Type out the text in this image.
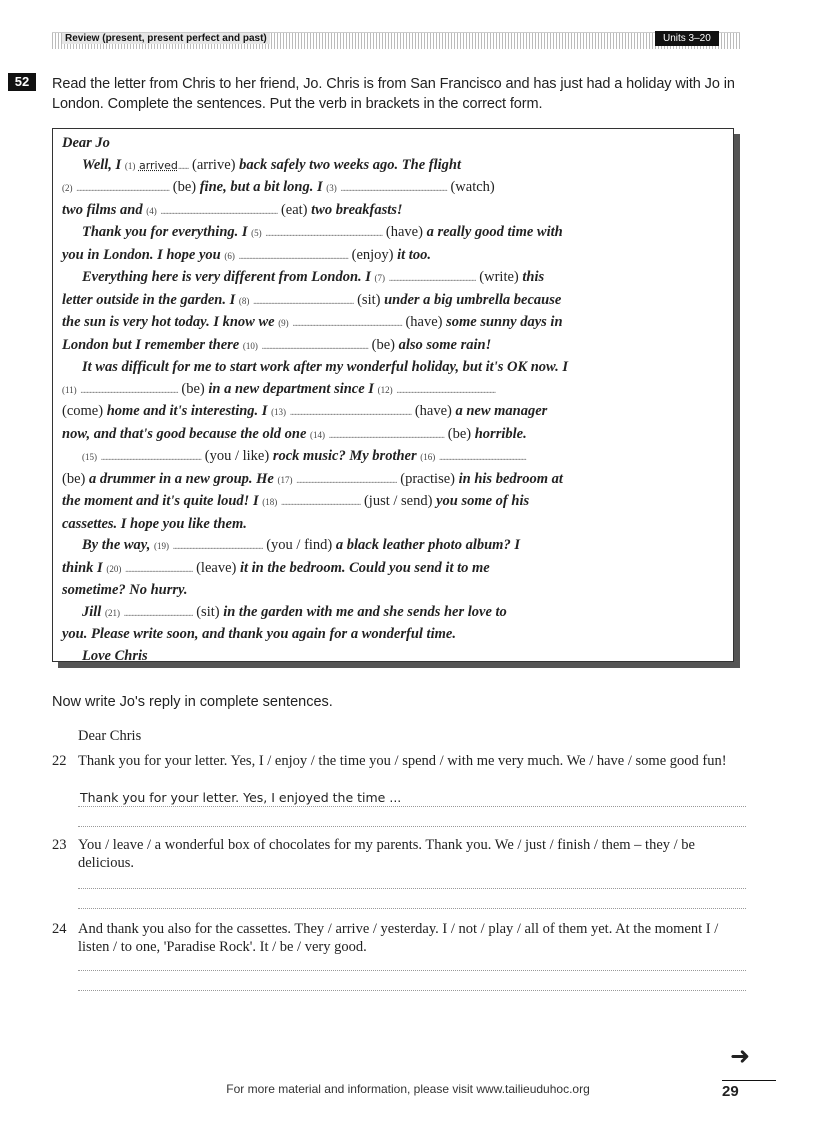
Review (present, present perfect and past)	Units 3–20
52	Read the letter from Chris to her friend, Jo. Chris is from San Francisco and has just had a holiday with Jo in London. Complete the sentences. Put the verb in brackets in the correct form.
Dear Jo
Well, I (1) arrived....... (arrive) back safely two weeks ago. The flight
(2) .............................................................. (be) fine, but a bit long. I (3) ....................................................................... (watch)
two films and (4) .............................................................................. (eat) two breakfasts!
Thank you for everything. I (5) .............................................................................. (have) a really good time with
you in London. I hope you (6) ......................................................................... (enjoy) it too.
Everything here is very different from London. I (7) .......................................................... (write) this
letter outside in the garden. I (8) ................................................................... (sit) under a big umbrella because
the sun is very hot today. I know we (9) ......................................................................... (have) some sunny days in
London but I remember there (10) ....................................................................... (be) also some rain!
It was difficult for me to start work after my wonderful holiday, but it's OK now. I
(11) ................................................................. (be) in a new department since I (12) ..................................................................
(come) home and it's interesting. I (13) ................................................................................. (have) a new manager
now, and that's good because the old one (14) ............................................................................. (be) horrible.
(15) ................................................................... (you / like) rock music? My brother (16) ..........................................................
(be) a drummer in a new group. He (17) ................................................................... (practise) in his bedroom at
the moment and it's quite loud! I (18) ..................................................... (just / send) you some of his
cassettes. I hope you like them.
By the way, (19) ............................................................ (you / find) a black leather photo album? I
think I (20) ............................................. (leave) it in the bedroom. Could you send it to me
sometime? No hurry.
Jill (21) .............................................. (sit) in the garden with me and she sends her love to
you. Please write soon, and thank you again for a wonderful time.
Love Chris
Now write Jo's reply in complete sentences.
Dear Chris
22 Thank you for your letter. Yes, I / enjoy / the time you / spend / with me very much. We / have / some good fun!
Thank you for your letter. Yes, I enjoyed the time ...
23 You / leave / a wonderful box of chocolates for my parents. Thank you. We / just / finish / them – they / be delicious.
24 And thank you also for the cassettes. They / arrive / yesterday. I / not / play / all of them yet. At the moment I / listen / to one, 'Paradise Rock'. It / be / very good.
➜
For more material and information, please visit www.tailieuduhoc.org	29
